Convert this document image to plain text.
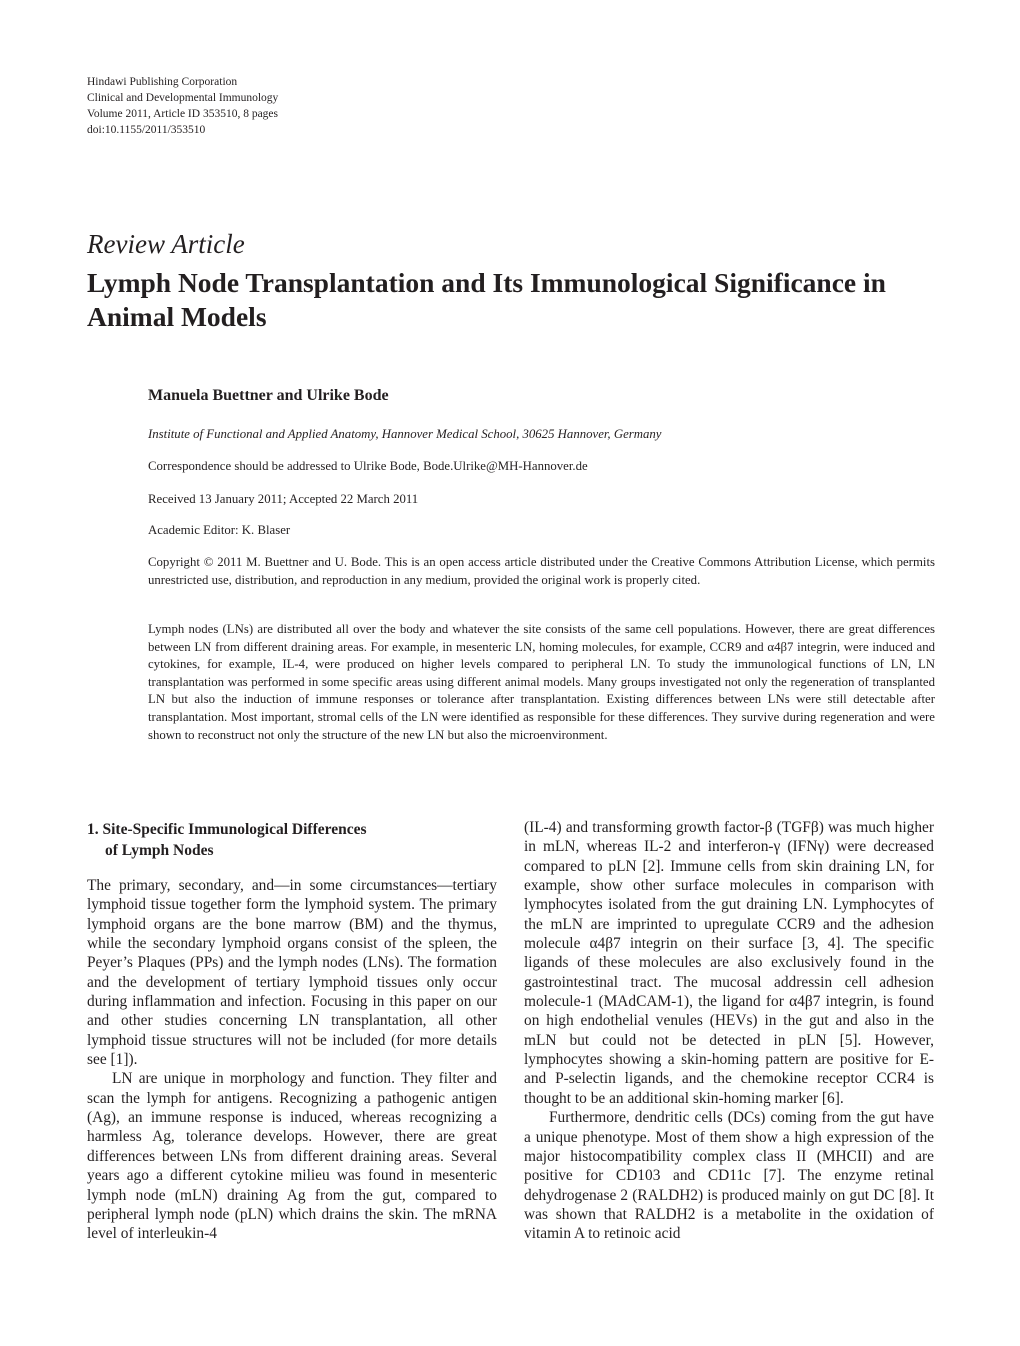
Hindawi Publishing Corporation

Clinical and Developmental Immunology

Volume 2011, Article ID 353510, 8 pages

doi:10.1155/2011/353510

Review Article

Lymph Node Transplantation and Its Immunological Significance in Animal Models

Manuela Buettner and Ulrike Bode

Institute of Functional and Applied Anatomy, Hannover Medical School, 30625 Hannover, Germany

Correspondence should be addressed to Ulrike Bode, Bode.Ulrike@MH-Hannover.de

Received 13 January 2011; Accepted 22 March 2011

Academic Editor: K. Blaser

Copyright © 2011 M. Buettner and U. Bode. This is an open access article distributed under the Creative Commons Attribution License, which permits unrestricted use, distribution, and reproduction in any medium, provided the original work is properly cited.

Lymph nodes (LNs) are distributed all over the body and whatever the site consists of the same cell populations. However, there are great differences between LN from different draining areas. For example, in mesenteric LN, homing molecules, for example, CCR9 and α4β7 integrin, were induced and cytokines, for example, IL-4, were produced on higher levels compared to peripheral LN. To study the immunological functions of LN, LN transplantation was performed in some specific areas using different animal models. Many groups investigated not only the regeneration of transplanted LN but also the induction of immune responses or tolerance after transplantation. Existing differences between LNs were still detectable after transplantation. Most important, stromal cells of the LN were identified as responsible for these differences. They survive during regeneration and were shown to reconstruct not only the structure of the new LN but also the microenvironment.

1. Site-Specific Immunological Differences
of Lymph Nodes

The primary, secondary, and—in some circumstances—tertiary lymphoid tissue together form the lymphoid system. The primary lymphoid organs are the bone marrow (BM) and the thymus, while the secondary lymphoid organs consist of the spleen, the Peyer’s Plaques (PPs) and the lymph nodes (LNs). The formation and the development of tertiary lymphoid tissues only occur during inflammation and infection. Focusing in this paper on our and other studies concerning LN transplantation, all other lymphoid tissue structures will not be included (for more details see [1]).

LN are unique in morphology and function. They filter and scan the lymph for antigens. Recognizing a pathogenic antigen (Ag), an immune response is induced, whereas recognizing a harmless Ag, tolerance develops. However, there are great differences between LNs from different draining areas. Several years ago a different cytokine milieu was found in mesenteric lymph node (mLN) draining Ag from the gut, compared to peripheral lymph node (pLN) which drains the skin. The mRNA level of interleukin-4

(IL-4) and transforming growth factor-β (TGFβ) was much higher in mLN, whereas IL-2 and interferon-γ (IFNγ) were decreased compared to pLN [2]. Immune cells from skin draining LN, for example, show other surface molecules in comparison with lymphocytes isolated from the gut draining LN. Lymphocytes of the mLN are imprinted to upregulate CCR9 and the adhesion molecule α4β7 integrin on their surface [3, 4]. The specific ligands of these molecules are also exclusively found in the gastrointestinal tract. The mucosal addressin cell adhesion molecule-1 (MAdCAM-1), the ligand for α4β7 integrin, is found on high endothelial venules (HEVs) in the gut and also in the mLN but could not be detected in pLN [5]. However, lymphocytes showing a skin-homing pattern are positive for E- and P-selectin ligands, and the chemokine receptor CCR4 is thought to be an additional skin-homing marker [6].

Furthermore, dendritic cells (DCs) coming from the gut have a unique phenotype. Most of them show a high expression of the major histocompatibility complex class II (MHCII) and are positive for CD103 and CD11c [7]. The enzyme retinal dehydrogenase 2 (RALDH2) is produced mainly on gut DC [8]. It was shown that RALDH2 is a metabolite in the oxidation of vitamin A to retinoic acid
